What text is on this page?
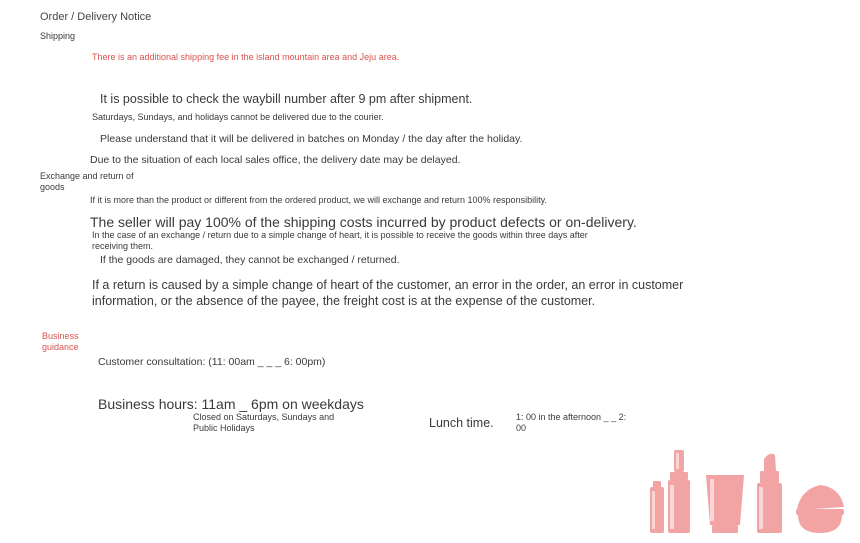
Order / Delivery Notice
Shipping
There is an additional shipping fee in the island mountain area and Jeju area.
It is possible to check the waybill number after 9 pm after shipment.
Saturdays, Sundays, and holidays cannot be delivered due to the courier.
Please understand that it will be delivered in batches on Monday / the day after the holiday.
Due to the situation of each local sales office, the delivery date may be delayed.
Exchange and return of goods
If it is more than the product or different from the ordered product, we will exchange and return 100% responsibility.
The seller will pay 100% of the shipping costs incurred by product defects or on-delivery.
In the case of an exchange / return due to a simple change of heart, it is possible to receive the goods within three days after receiving them.
If the goods are damaged, they cannot be exchanged / returned.
If a return is caused by a simple change of heart of the customer, an error in the order, an error in customer information, or the absence of the payee, the freight cost is at the expense of the customer.
Business guidance
Customer consultation: (11: 00am _ _ _ 6: 00pm)
Business hours: 11am _ 6pm on weekdays
Closed on Saturdays, Sundays and Public Holidays	Lunch time. 1: 00 in the afternoon _ _ 2: 00
